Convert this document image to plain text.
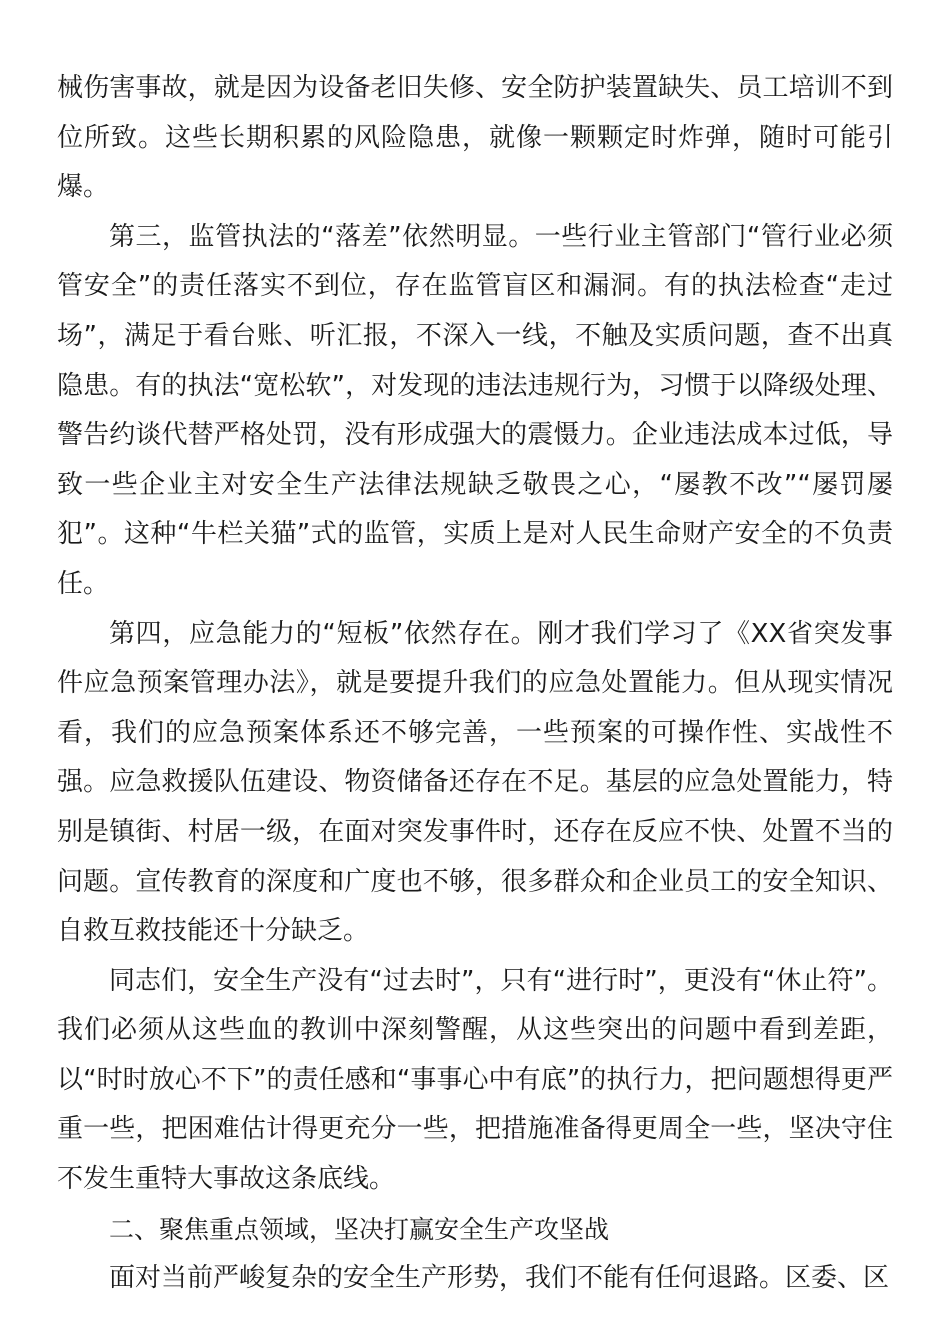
械伤害事故，就是因为设备老旧失修、安全防护装置缺失、员工培训不到位所致。这些长期积累的风险隐患，就像一颗颗定时炸弹，随时可能引爆。

第三，监管执法的“落差”依然明显。一些行业主管部门“管行业必须管安全”的责任落实不到位，存在监管盲区和漏洞。有的执法检查“走过场”，满足于看台账、听汇报，不深入一线，不触及实质问题，查不出真隐患。有的执法“宽松软”，对发现的违法违规行为，习惯于以降级处理、警告约谈代替严格处罚，没有形成强大的震慑力。企业违法成本过低，导致一些企业主对安全生产法律法规缺乏敬畏之心，“屡教不改”“屡罚屡犯”。这种“牛栏关猫”式的监管，实质上是对人民生命财产安全的不负责任。

第四，应急能力的“短板”依然存在。刚才我们学习了《XX省突发事件应急预案管理办法》，就是要提升我们的应急处置能力。但从现实情况看，我们的应急预案体系还不够完善，一些预案的可操作性、实战性不强。应急救援队伍建设、物资储备还存在不足。基层的应急处置能力，特别是镇街、村居一级，在面对突发事件时，还存在反应不快、处置不当的问题。宣传教育的深度和广度也不够，很多群众和企业员工的安全知识、自救互救技能还十分缺乏。

同志们，安全生产没有“过去时”，只有“进行时”，更没有“休止符”。我们必须从这些血的教训中深刻警醒，从这些突出的问题中看到差距，以“时时放心不下”的责任感和“事事心中有底”的执行力，把问题想得更严重一些，把困难估计得更充分一些，把措施准备得更周全一些，坚决守住不发生重特大事故这条底线。

二、聚焦重点领域，坚决打赢安全生产攻坚战

面对当前严峻复杂的安全生产形势，我们不能有任何退路。区委、区
